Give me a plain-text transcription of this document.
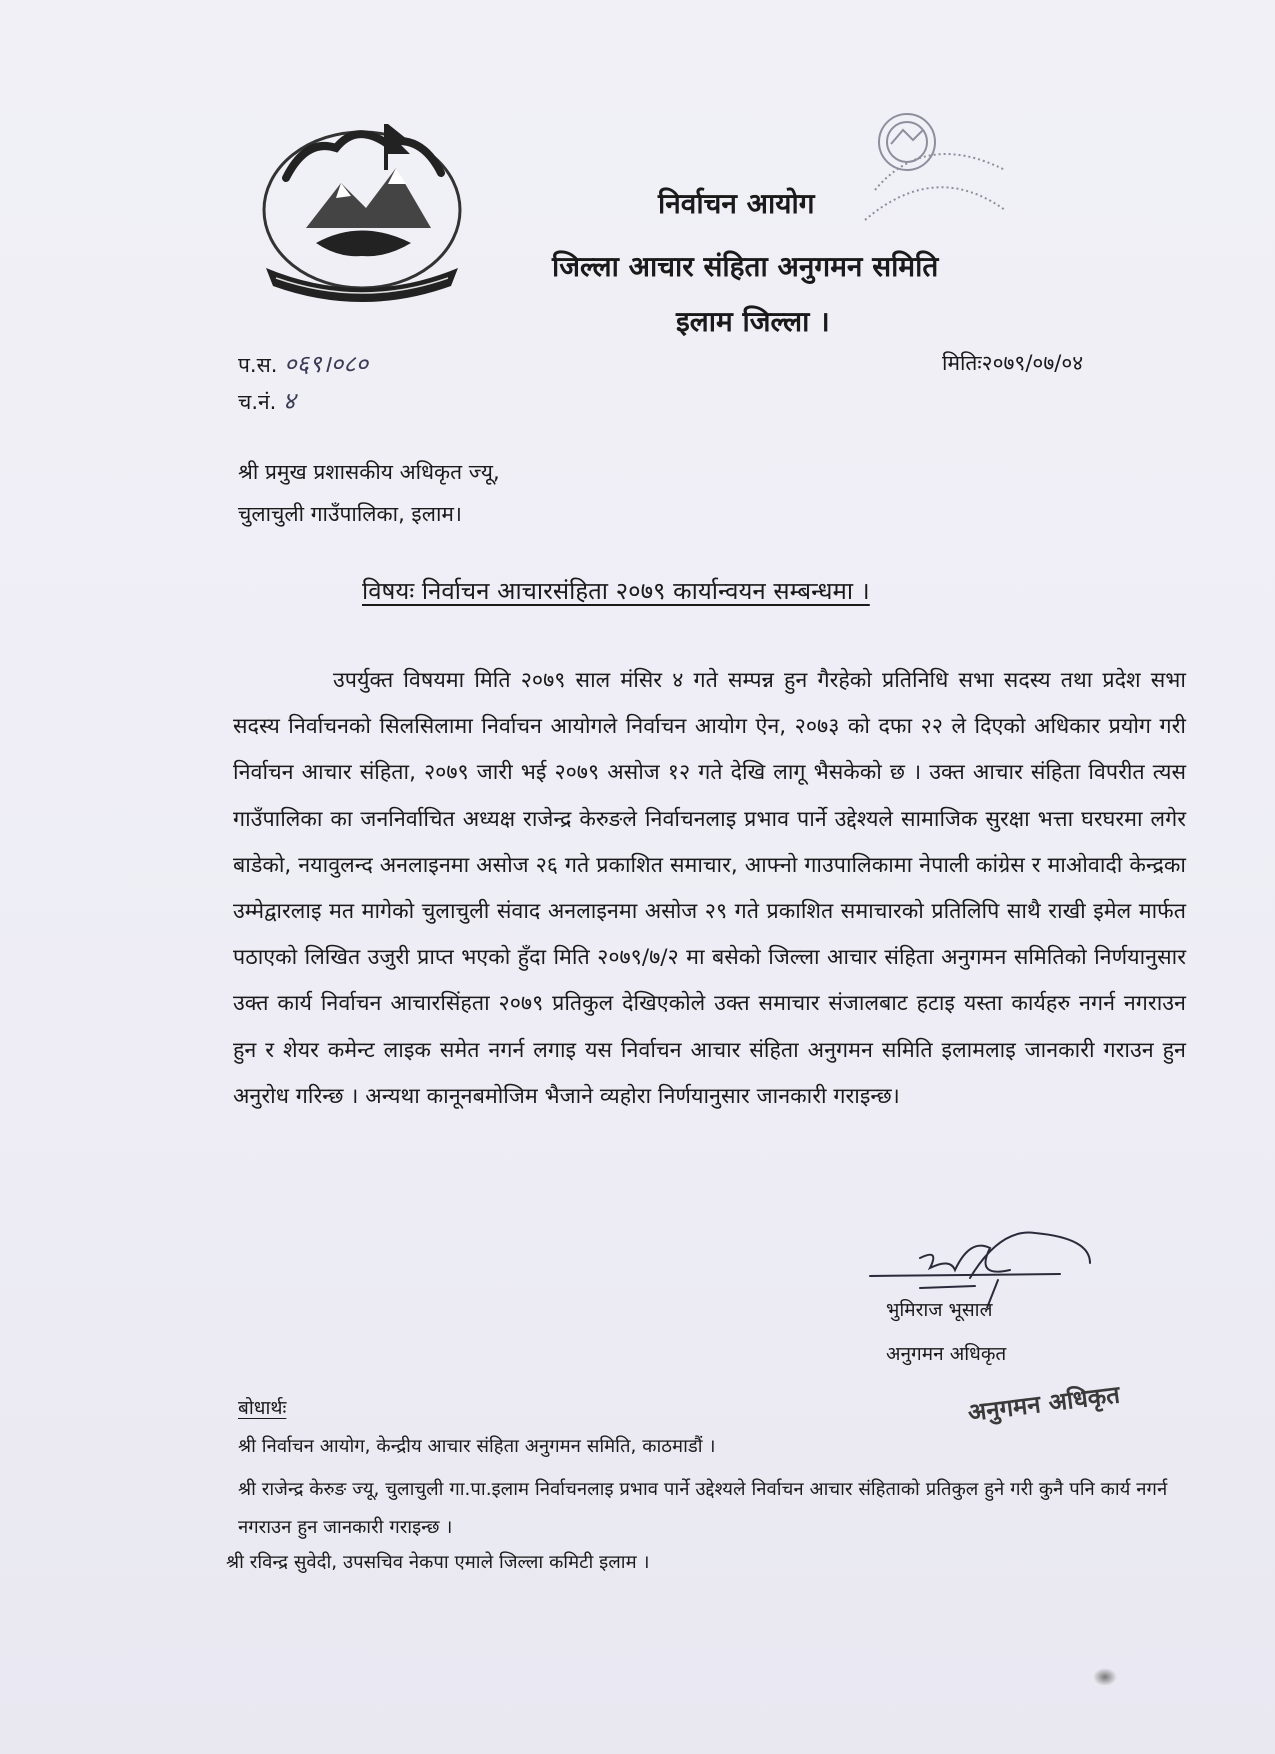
निर्वाचन आयोग
जिल्ला आचार संहिता अनुगमन समिति
इलाम जिल्ला ।
प.स. ०६९।०८०
च.नं. ४
मितिः२०७९/०७/०४
श्री प्रमुख प्रशासकीय अधिकृत ज्यू,
चुलाचुली गाउँपालिका, इलाम।
विषयः निर्वाचन आचारसंहिता २०७९ कार्यान्वयन सम्बन्धमा ।
उपर्युक्त विषयमा मिति २०७९ साल मंसिर ४ गते सम्पन्न हुन गैरहेको प्रतिनिधि सभा सदस्य तथा प्रदेश सभा सदस्य निर्वाचनको सिलसिलामा निर्वाचन आयोगले निर्वाचन आयोग ऐन, २०७३ को दफा २२ ले दिएको अधिकार प्रयोग गरी निर्वाचन आचार संहिता, २०७९ जारी भई २०७९ असोज १२ गते देखि लागू भैसकेको छ । उक्त आचार संहिता विपरीत त्यस गाउँपालिका का जननिर्वाचित अध्यक्ष राजेन्द्र केरुङले निर्वाचनलाइ प्रभाव पार्ने उद्देश्यले सामाजिक सुरक्षा भत्ता घरघरमा लगेर बाडेको, नयावुलन्द अनलाइनमा असोज २६ गते प्रकाशित समाचार, आफ्नो गाउपालिकामा नेपाली कांग्रेस र माओवादी केन्द्रका उम्मेद्वारलाइ मत मागेको चुलाचुली संवाद अनलाइनमा असोज २९ गते प्रकाशित समाचारको प्रतिलिपि साथै राखी इमेल मार्फत पठाएको लिखित उजुरी प्राप्त भएको हुँदा मिति २०७९/७/२ मा बसेको जिल्ला आचार संहिता अनुगमन समितिको निर्णयानुसार उक्त कार्य निर्वाचन आचारसिंहता २०७९ प्रतिकुल देखिएकोले उक्त समाचार संजालबाट हटाइ यस्ता कार्यहरु नगर्न नगराउन हुन र शेयर कमेन्ट लाइक समेत नगर्न लगाइ यस निर्वाचन आचार संहिता अनुगमन समिति इलामलाइ जानकारी गराउन हुन अनुरोध गरिन्छ । अन्यथा कानूनबमोजिम भैजाने व्यहोरा निर्णयानुसार जानकारी गराइन्छ।
भुमिराज भूसाल
अनुगमन अधिकृत
अनुगमन अधिकृत
बोधार्थः
श्री निर्वाचन आयोग, केन्द्रीय आचार संहिता अनुगमन समिति, काठमाडौं ।
श्री राजेन्द्र केरुङ ज्यू, चुलाचुली गा.पा.इलाम निर्वाचनलाइ प्रभाव पार्ने उद्देश्यले निर्वाचन आचार संहिताको प्रतिकुल हुने गरी कुनै पनि कार्य नगर्न नगराउन हुन जानकारी गराइन्छ ।
श्री रविन्द्र सुवेदी, उपसचिव नेकपा एमाले जिल्ला कमिटी इलाम ।
